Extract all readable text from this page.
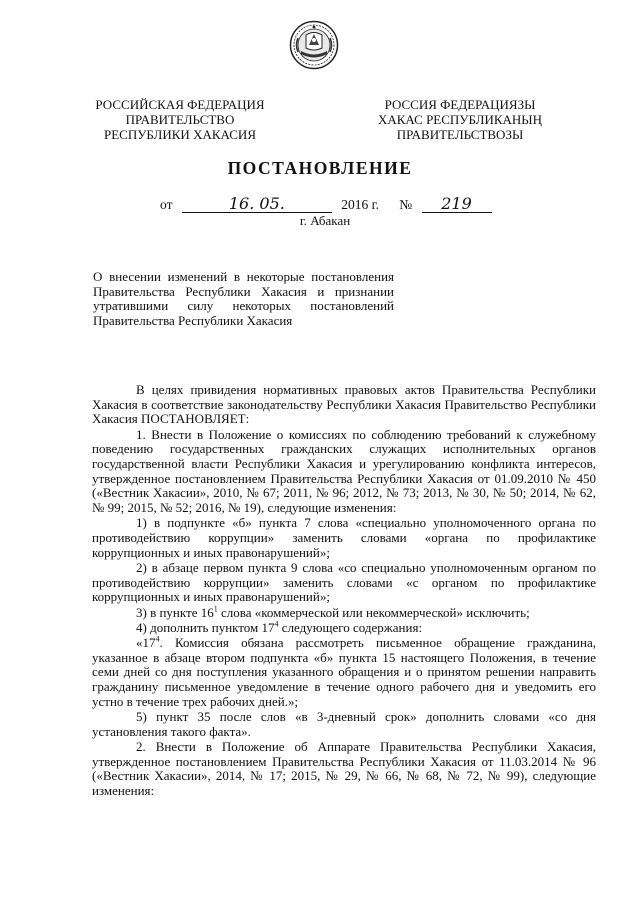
РОССИЙСКАЯ ФЕДЕРАЦИЯ
ПРАВИТЕЛЬСТВО
РЕСПУБЛИКИ ХАКАСИЯ
РОССИЯ ФЕДЕРАЦИЯЗЫ
ХАКАС РЕСПУБЛИКАНЫҢ
ПРАВИТЕЛЬСТВОЗЫ
ПОСТАНОВЛЕНИЕ
от	16. 05.	2016 г. № 219
г. Абакан
О внесении изменений в некоторые постановления Правительства Республики Хакасия и признании утратившими силу некоторых постановлений Правительства Республики Хакасия

В целях привидения нормативных правовых актов Правительства Республики Хакасия в соответствие законодательству Республики Хакасия Правительство Республики Хакасия ПОСТАНОВЛЯЕТ:

1. Внести в Положение о комиссиях по соблюдению требований к служебному поведению государственных гражданских служащих исполнительных органов государственной власти Республики Хакасия и урегулированию конфликта интересов, утвержденное постановлением Правительства Республики Хакасия от 01.09.2010 № 450 («Вестник Хакасии», 2010, № 67; 2011, № 96; 2012, № 73; 2013, № 30, № 50; 2014, № 62, № 99; 2015, № 52; 2016, № 19), следующие изменения:

1) в подпункте «б» пункта 7 слова «специально уполномоченного органа по противодействию коррупции» заменить словами «органа по профилактике коррупционных и иных правонарушений»;

2) в абзаце первом пункта 9 слова «со специально уполномоченным органом по противодействию коррупции» заменить словами «с органом по профилактике коррупционных и иных правонарушений»;

3) в пункте $16^1$ слова «коммерческой или некоммерческой» исключить;

4) дополнить пунктом $17^4$ следующего содержания:

«$17^4$. Комиссия обязана рассмотреть письменное обращение гражданина, указанное в абзаце втором подпункта «б» пункта 15 настоящего Положения, в течение семи дней со дня поступления указанного обращения и о принятом решении направить гражданину письменное уведомление в течение одного рабочего дня и уведомить его устно в течение трех рабочих дней.»;

5) пункт 35 после слов «в 3-дневный срок» дополнить словами «со дня установления такого факта».

2. Внести в Положение об Аппарате Правительства Республики Хакасия, утвержденное постановлением Правительства Республики Хакасия от 11.03.2014 № 96 («Вестник Хакасии», 2014, № 17; 2015, № 29, № 66, № 68, № 72, № 99), следующие изменения:
